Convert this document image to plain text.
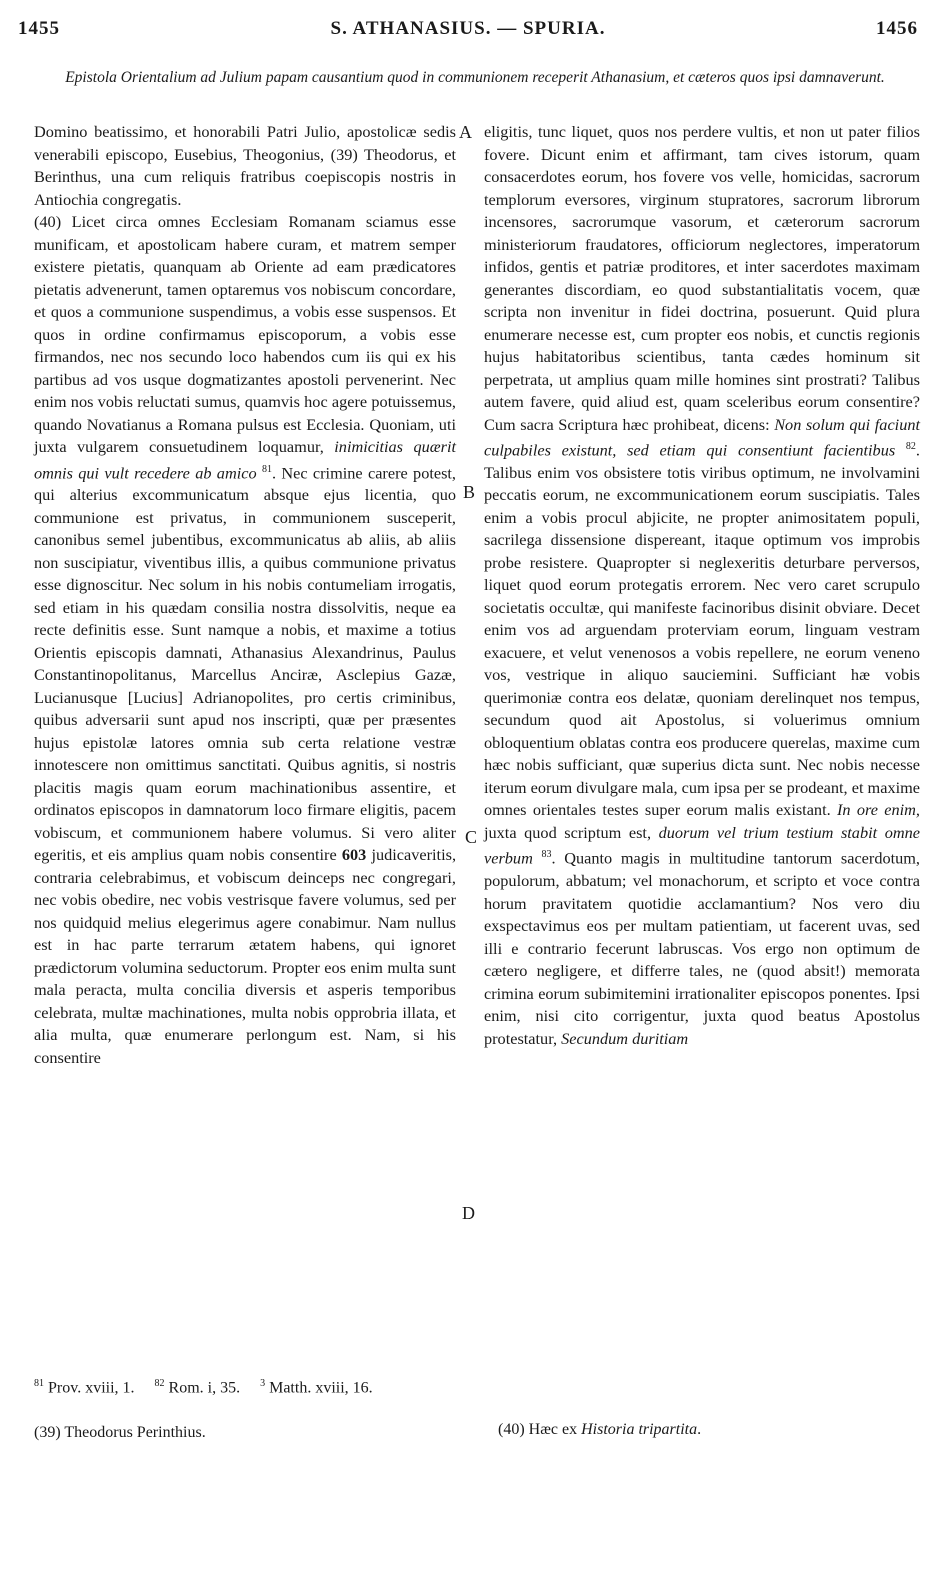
1455	S. ATHANASIUS. — SPURIA.	1456
Epistola Orientalium ad Julium papam causantium quod in communionem receperit Athanasium, et cæteros quos ipsi damnaverunt.

Domino beatissimo, et honorabili Patri Julio, apostolicæ sedis venerabili episcopo, Eusebius, Theogonius, (39) Theodorus, et Berinthus, una cum reliquis fratribus coepiscopis nostris in Antiochia congregatis.

(40) Licet circa omnes Ecclesiam Romanam sciamus esse munificam, et apostolicam habere curam, et matrem semper existere pietatis, quanquam ab Oriente ad eam prædicatores pietatis advenerunt, tamen optaremus vos nobiscum concordare, et quos a communione suspendimus, a vobis esse suspensos. Et quos in ordine confirmamus episcoporum, a vobis esse firmandos, nec nos secundo loco habendos cum iis qui ex his partibus ad vos usque dogmatizantes apostoli pervenerint. Nec enim nos vobis reluctati sumus, quamvis hoc agere potuissemus, quando Novatianus a Romana pulsus est Ecclesia. Quoniam, uti juxta vulgarem consuetudinem loquamur, inimicitias quærit omnis qui vult recedere ab amico $^{81}$. Nec crimine carere potest, qui alterius excommunicatum absque ejus licentia, quo communione est privatus, in communionem susceperit, canonibus semel jubentibus, excommunicatus ab aliis, ab aliis non suscipiatur, viventibus illis, a quibus communione privatus esse dignoscitur. Nec solum in his nobis contumeliam irrogatis, sed etiam in his quædam consilia nostra dissolvitis, neque ea recte definitis esse. Sunt namque a nobis, et maxime a totius Orientis episcopis damnati, Athanasius Alexandrinus, Paulus Constantinopolitanus, Marcellus Anciræ, Asclepius Gazæ, Lucianusque [Lucius] Adrianopolites, pro certis criminibus, quibus adversarii sunt apud nos inscripti, quæ per præsentes hujus epistolæ latores omnia sub certa relatione vestræ innotescere non omittimus sanctitati. Quibus agnitis, si nostris placitis magis quam eorum machinationibus assentire, et ordinatos episcopos in damnatorum loco firmare eligitis, pacem vobiscum, et communionem habere volumus. Si vero aliter egeritis, et eis amplius quam nobis consentire 603 judicaveritis, contraria celebrabimus, et vobiscum deinceps nec congregari, nec vobis obedire, nec vobis vestrisque favere volumus, sed per nos quidquid melius elegerimus agere conabimur. Nam nullus est in hac parte terrarum ætatem habens, qui ignoret prædictorum volumina seductorum. Propter eos enim multa sunt mala peracta, multa concilia diversis et asperis temporibus celebrata, multæ machinationes, multa nobis opprobria illata, et alia multa, quæ enumerare perlongum est. Nam, si his consentire

A
B
C
D

eligitis, tunc liquet, quos nos perdere vultis, et non ut pater filios fovere. Dicunt enim et affirmant, tam cives istorum, quam consacerdotes eorum, hos fovere vos velle, homicidas, sacrorum templorum eversores, virginum stupratores, sacrorum librorum incensores, sacrorumque vasorum, et cæterorum sacrorum ministeriorum fraudatores, officiorum neglectores, imperatorum infidos, gentis et patriæ proditores, et inter sacerdotes maximam generantes discordiam, eo quod substantialitatis vocem, quæ scripta non invenitur in fidei doctrina, posuerunt. Quid plura enumerare necesse est, cum propter eos nobis, et cunctis regionis hujus habitatoribus scientibus, tanta cædes hominum sit perpetrata, ut amplius quam mille homines sint prostrati? Talibus autem favere, quid aliud est, quam sceleribus eorum consentire? Cum sacra Scriptura hæc prohibeat, dicens: Non solum qui faciunt culpabiles existunt, sed etiam qui consentiunt facientibus $^{82}$. Talibus enim vos obsistere totis viribus optimum, ne involvamini peccatis eorum, ne excommunicationem eorum suscipiatis. Tales enim a vobis procul abjicite, ne propter animositatem populi, sacrilega dissensione dispereant, itaque optimum vos improbis probe resistere. Quapropter si neglexeritis deturbare perversos, liquet quod eorum protegatis errorem. Nec vero caret scrupulo societatis occultæ, qui manifeste facinoribus disinit obviare. Decet enim vos ad arguendam proterviam eorum, linguam vestram exacuere, et velut venenosos a vobis repellere, ne eorum veneno vos, vestrique in aliquo sauciemini. Sufficiant hæ vobis querimoniæ contra eos delatæ, quoniam derelinquet nos tempus, secundum quod ait Apostolus, si voluerimus omnium obloquentium oblatas contra eos producere querelas, maxime cum hæc nobis sufficiant, quæ superius dicta sunt. Nec nobis necesse iterum eorum divulgare mala, cum ipsa per se prodeant, et maxime omnes orientales testes super eorum malis existant. In ore enim, juxta quod scriptum est, duorum vel trium testium stabit omne verbum $^{83}$. Quanto magis in multitudine tantorum sacerdotum, populorum, abbatum; vel monachorum, et scripto et voce contra horum pravitatem quotidie acclamantium? Nos vero diu exspectavimus eos per multam patientiam, ut facerent uvas, sed illi e contrario fecerunt labruscas. Vos ergo non optimum de cætero negligere, et differre tales, ne (quod absit!) memorata crimina eorum subimitemini irrationaliter episcopos ponentes. Ipsi enim, nisi cito corrigentur, juxta quod beatus Apostolus protestatur, Secundum duritiam

$^{81}$ Prov. xviii, 1. $^{82}$ Rom. i, 35. $^3$ Matth. xviii, 16.
(39) Theodorus Perinthius.	(40) Hæc ex Historia tripartita.
